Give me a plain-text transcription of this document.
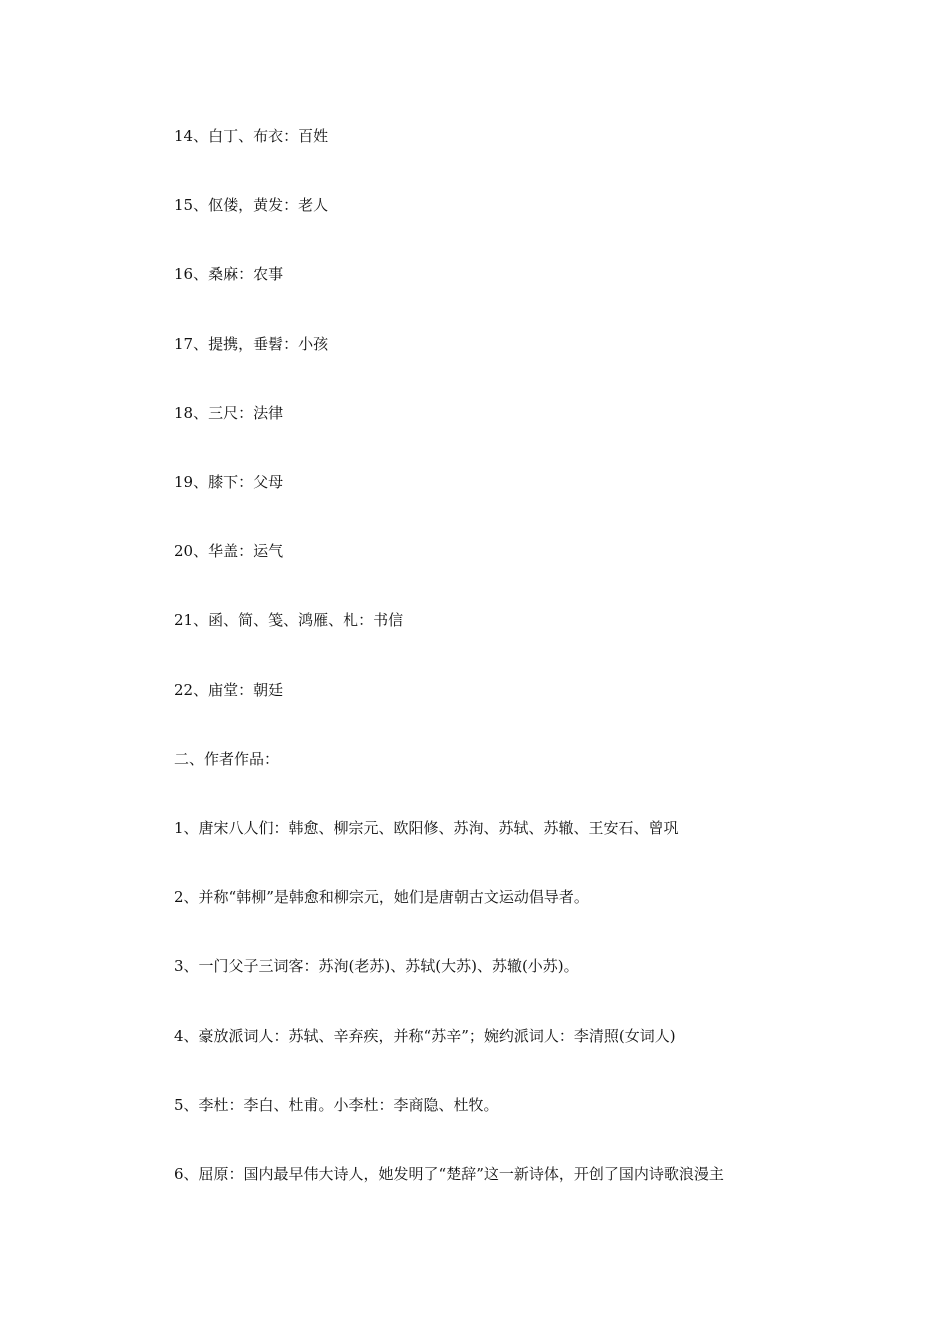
14、白丁、布衣：百姓
15、伛偻，黄发：老人
16、桑麻：农事
17、提携，垂髫：小孩
18、三尺：法律
19、膝下：父母
20、华盖：运气
21、函、简、笺、鸿雁、札：书信
22、庙堂：朝廷
二、作者作品：
1、唐宋八人们：韩愈、柳宗元、欧阳修、苏洵、苏轼、苏辙、王安石、曾巩
2、并称“韩柳”是韩愈和柳宗元，她们是唐朝古文运动倡导者。
3、一门父子三词客：苏洵(老苏)、苏轼(大苏)、苏辙(小苏)。
4、豪放派词人：苏轼、辛弃疾，并称“苏辛”；婉约派词人：李清照(女词人)
5、李杜：李白、杜甫。小李杜：李商隐、杜牧。
6、屈原：国内最早伟大诗人，她发明了“楚辞”这一新诗体，开创了国内诗歌浪漫主
